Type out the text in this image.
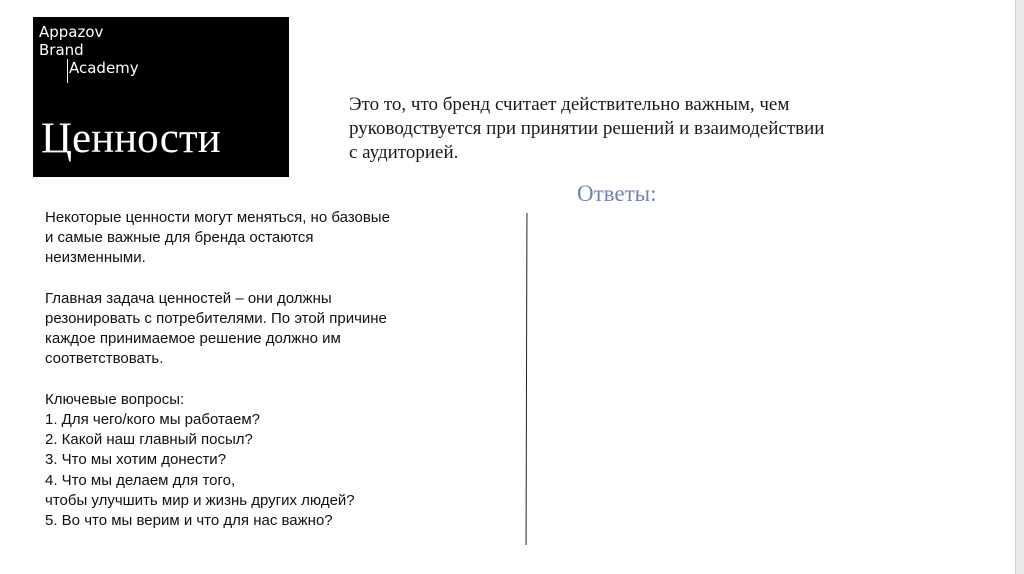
Appazov
Brand
Academy
Ценности
Это то, что бренд считает действительно важным, чем
руководствуется при принятии решений и взаимодействии
с аудиторией.
Ответы:

Некоторые ценности могут меняться, но базовые
и самые важные для бренда остаются
неизменными.

Главная задача ценностей – они должны
резонировать с потребителями. По этой причине
каждое принимаемое решение должно им
соответствовать.

Ключевые вопросы:
1. Для чего/кого мы работаем?
2. Какой наш главный посыл?
3. Что мы хотим донести?
4. Что мы делаем для того,
чтобы улучшить мир и жизнь других людей?
5. Во что мы верим и что для нас важно?
